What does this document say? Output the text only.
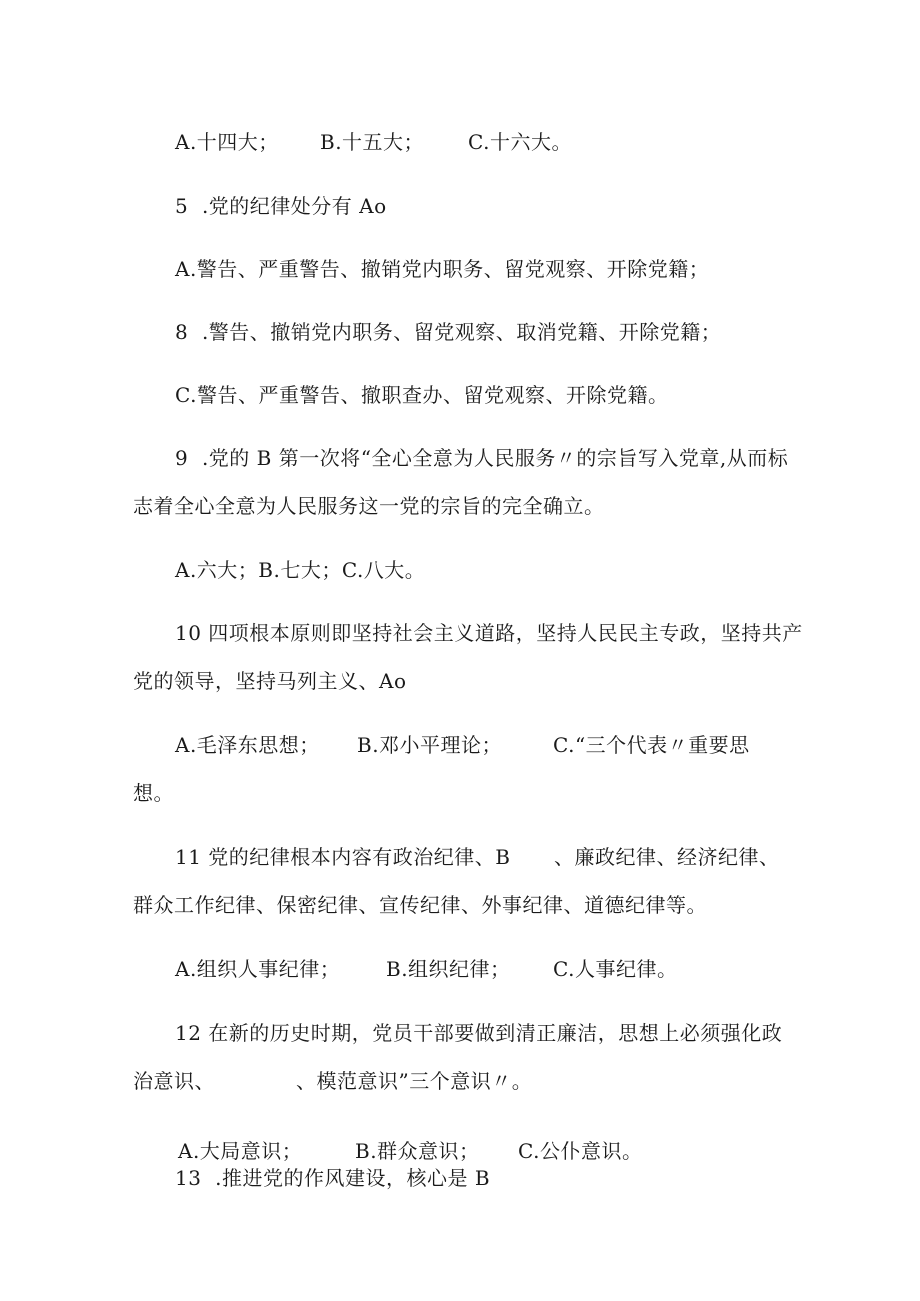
A.十四大； B.十五大； C.十六大。
5  .党的纪律处分有 Ao
A.警告、严重警告、撤销党内职务、留党观察、开除党籍；
8  .警告、撤销党内职务、留党观察、取消党籍、开除党籍；
C.警告、严重警告、撤职查办、留党观察、开除党籍。
9  .党的 B 第一次将“全心全意为人民服务〃的宗旨写入党章,从而标
志着全心全意为人民服务这一党的宗旨的完全确立。
A.六大；B.七大；C.八大。
10 四项根本原则即坚持社会主义道路，坚持人民民主专政，坚持共产
党的领导，坚持马列主义、Ao
A.毛泽东思想； B.邓小平理论；	C.“三个代表〃重要思
想。
11 党的纪律根本内容有政治纪律、B 、廉政纪律、经济纪律、
群众工作纪律、保密纪律、宣传纪律、外事纪律、道德纪律等。
A.组织人事纪律； B.组织纪律； C.人事纪律。
12 在新的历史时期，党员干部要做到清正廉洁，思想上必须强化政
治意识、	、模范意识”三个意识〃。
A.大局意识；	B.群众意识； C.公仆意识。
13  .推进党的作风建设，核心是 B
